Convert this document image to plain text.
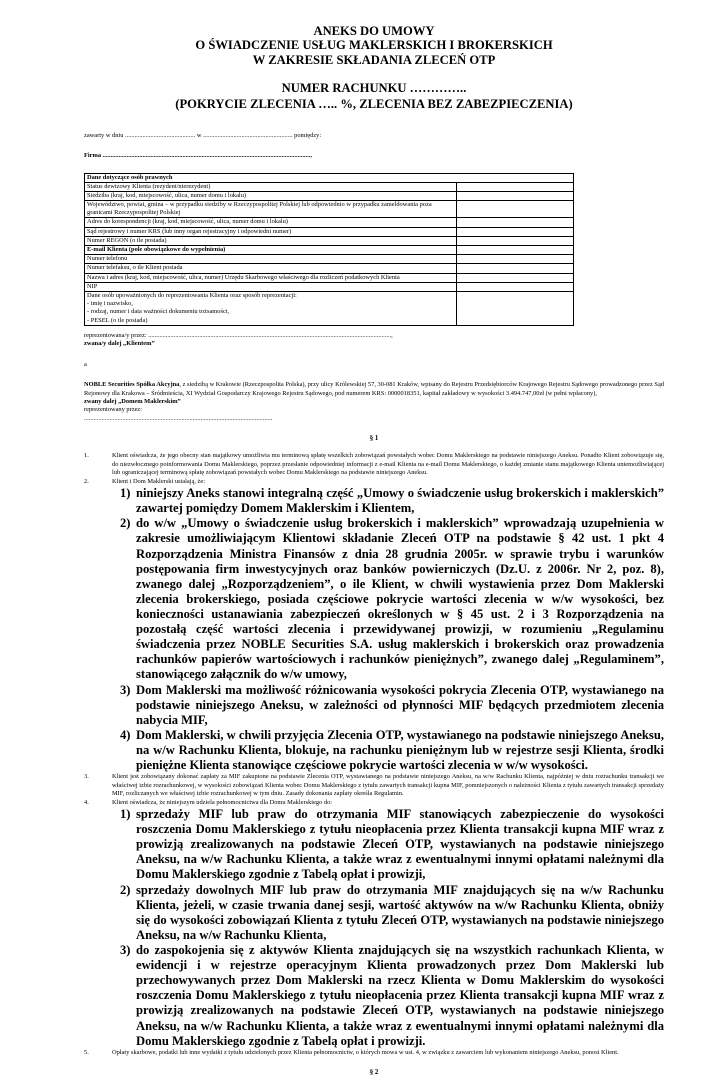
ANEKS DO UMOWY
O ŚWIADCZENIE USŁUG MAKLERSKICH I BROKERSKICH
W ZAKRESIE SKŁADANIA ZLECEŃ OTP
NUMER RACHUNKU …………..
(POKRYCIE ZLECENIA ….. %, ZLECENIA BEZ ZABEZPIECZENIA)
zawarty w dniu ............................................ w ........................................................ pomiędzy:
Firma ..................................................................................................................................,
Dane dotyczące osób prawnych	
Status dewizowy Klienta (rezydent/nierezydent)	
Siedziba (kraj, kod, miejscowość, ulica, numer domu i lokalu)	
Województwo, powiat, gmina – w przypadku siedziby w Rzeczypospolitej Polskiej lub odpowiednio w przypadku zameldowania poza granicami Rzeczypospolitej Polskiej	
Adres do korespondencji (kraj, kod, miejscowość, ulica, numer domu i lokalu)	
Sąd rejestrowy i numer KRS (lub inny organ rejestracyjny i odpowiedni numer)	
Numer REGON (o ile posiada)	
E-mail Klienta (pole obowiązkowe do wypełnienia)	
Numer telefonu	
Numer telefaksu, o ile Klient posiada	
Nazwa i adres (kraj, kod, miejscowość, ulica, numer) Urzędu Skarbowego właściwego dla rozliczeń podatkowych Klienta	
NIP	
Dane osób upoważnionych do reprezentowania Klienta oraz sposób reprezentacji:
- imię i nazwisko,
- rodzaj, numer i data ważności dokumentu tożsamości,
- PESEL (o ile posiada)	
reprezentowana/y przez: ........................................................................................................................................................,
zwana/y dalej „Klientem”
a
NOBLE Securities Spółka Akcyjna, z siedzibą w Krakowie (Rzeczpospolita Polska), przy ulicy Królewskiej 57, 30-081 Kraków, wpisany do Rejestru Przedsiębiorców Krajowego Rejestru Sądowego prowadzonego przez Sąd Rejonowy dla Krakowa – Śródmieścia, XI Wydział Gospodarczy Krajowego Rejestru Sądowego, pod numerem KRS: 0000018351, kapitał zakładowy w wysokości 3.494.747,00zł (w pełni wpłacony),
zwany dalej „Domem Maklerskim”
reprezentowany przez:
......................................................................................................................
§ 1
1.	Klient oświadcza, że jego obecny stan majątkowy umożliwia mu terminową spłatę wszelkich zobowiązań powstałych wobec Domu Maklerskiego na podstawie niniejszego Aneksu. Ponadto Klient zobowiązuje się, do niezwłocznego poinformowania Domu Maklerskiego, poprzez przesłanie odpowiedniej informacji z e-mail Klienta na e-mail Domu Maklerskiego, o każdej zmianie stanu majątkowego Klienta uniemożliwiającej lub ograniczającej terminową spłatę zobowiązań powstałych wobec Domu Maklerskiego na podstawie niniejszego Aneksu.
2.	Klient i Dom Maklerski ustalają, że:
1) niniejszy Aneks stanowi integralną część „Umowy o świadczenie usług brokerskich i maklerskich” zawartej pomiędzy Domem Maklerskim i Klientem,
2) do w/w „Umowy o świadczenie usług brokerskich i maklerskich” wprowadzają uzupełnienia w zakresie umożliwiającym Klientowi składanie Zleceń OTP na podstawie § 42 ust. 1 pkt 4 Rozporządzenia Ministra Finansów z dnia 28 grudnia 2005r. w sprawie trybu i warunków postępowania firm inwestycyjnych oraz banków powierniczych (Dz.U. z 2006r. Nr 2, poz. 8), zwanego dalej „Rozporządzeniem”, o ile Klient, w chwili wystawienia przez Dom Maklerski zlecenia brokerskiego, posiada częściowe pokrycie wartości zlecenia w w/w wysokości, bez konieczności ustanawiania zabezpieczeń określonych w § 45 ust. 2 i 3 Rozporządzenia na pozostałą część wartości zlecenia i przewidywanej prowizji, w rozumieniu „Regulaminu świadczenia przez NOBLE Securities S.A. usług maklerskich i brokerskich oraz prowadzenia rachunków papierów wartościowych i rachunków pieniężnych”, zwanego dalej „Regulaminem”, stanowiącego załącznik do w/w umowy,
3) Dom Maklerski ma możliwość różnicowania wysokości pokrycia Zlecenia OTP, wystawianego na podstawie niniejszego Aneksu, w zależności od płynności MIF będących przedmiotem zlecenia nabycia MIF,
4) Dom Maklerski, w chwili przyjęcia Zlecenia OTP, wystawianego na podstawie niniejszego Aneksu, na w/w Rachunku Klienta, blokuje, na rachunku pieniężnym lub w rejestrze sesji Klienta, środki pieniężne Klienta stanowiące częściowe pokrycie wartości zlecenia w w/w wysokości.
3.	Klient jest zobowiązany dokonać zapłaty za MIF zakupione na podstawie Zlecenia OTP, wystawianego na podstawie niniejszego Aneksu, na w/w Rachunku Klienta, najpóźniej w dniu rozrachunku transakcji we właściwej izbie rozrachunkowej, w wysokości zobowiązań Klienta wobec Domu Maklerskiego z tytułu zawartych transakcji kupna MIF, pomniejszonych o należności Klienta z tytułu zawartych transakcji sprzedaży MIF, rozliczanych we właściwej izbie rozrachunkowej w tym dniu. Zasady dokonania zapłaty określa Regulamin.
4.	Klient oświadcza, że niniejszym udziela pełnomocnictwa dla Domu Maklerskiego do:
1) sprzedaży MIF lub praw do otrzymania MIF stanowiących zabezpieczenie do wysokości roszczenia Domu Maklerskiego z tytułu nieopłacenia przez Klienta transakcji kupna MIF wraz z prowizją zrealizowanych na podstawie Zleceń OTP, wystawianych na podstawie niniejszego Aneksu, na w/w Rachunku Klienta, a także wraz z ewentualnymi innymi opłatami należnymi dla Domu Maklerskiego zgodnie z Tabelą opłat i prowizji,
2) sprzedaży dowolnych MIF lub praw do otrzymania MIF znajdujących się na w/w Rachunku Klienta, jeżeli, w czasie trwania danej sesji, wartość aktywów na w/w Rachunku Klienta, obniży się do wysokości zobowiązań Klienta z tytułu Zleceń OTP, wystawianych na podstawie niniejszego Aneksu, na w/w Rachunku Klienta,
3) do zaspokojenia się z aktywów Klienta znajdujących się na wszystkich rachunkach Klienta, w ewidencji i w rejestrze operacyjnym Klienta prowadzonych przez Dom Maklerski lub przechowywanych przez Dom Maklerski na rzecz Klienta w Domu Maklerskim do wysokości roszczenia Domu Maklerskiego z tytułu nieopłacenia przez Klienta transakcji kupna MIF wraz z prowizją zrealizowanych na podstawie Zleceń OTP, wystawianych na podstawie niniejszego Aneksu, na w/w Rachunku Klienta, a także wraz z ewentualnymi innymi opłatami należnymi dla Domu Maklerskiego zgodnie z Tabelą opłat i prowizji.
5.	Opłaty skarbowe, podatki lub inne wydatki z tytułu udzielonych przez Klienta pełnomocnictw, o których mowa w ust. 4, w związku z zawarciem lub wykonaniem niniejszego Aneksu, ponosi Klient.
§ 2
